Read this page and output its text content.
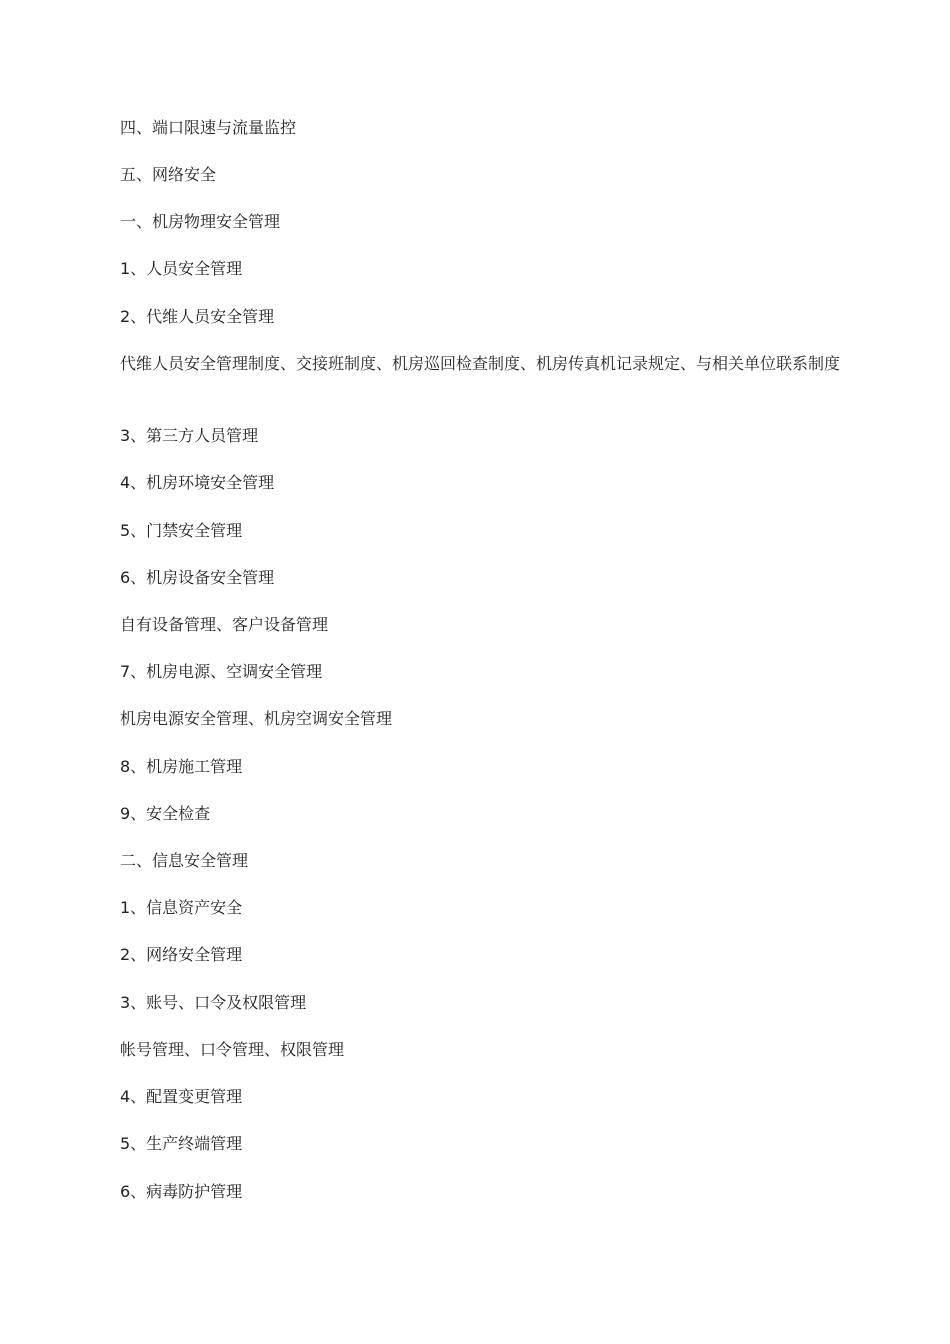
四、端口限速与流量监控
五、网络安全
一、机房物理安全管理
1、人员安全管理
2、代维人员安全管理
代维人员安全管理制度、交接班制度、机房巡回检查制度、机房传真机记录规定、与相关单位联系制度
3、第三方人员管理
4、机房环境安全管理
5、门禁安全管理
6、机房设备安全管理
自有设备管理、客户设备管理
7、机房电源、空调安全管理
机房电源安全管理、机房空调安全管理
8、机房施工管理
9、安全检查
二、信息安全管理
1、信息资产安全
2、网络安全管理
3、账号、口令及权限管理
帐号管理、口令管理、权限管理
4、配置变更管理
5、生产终端管理
6、病毒防护管理
